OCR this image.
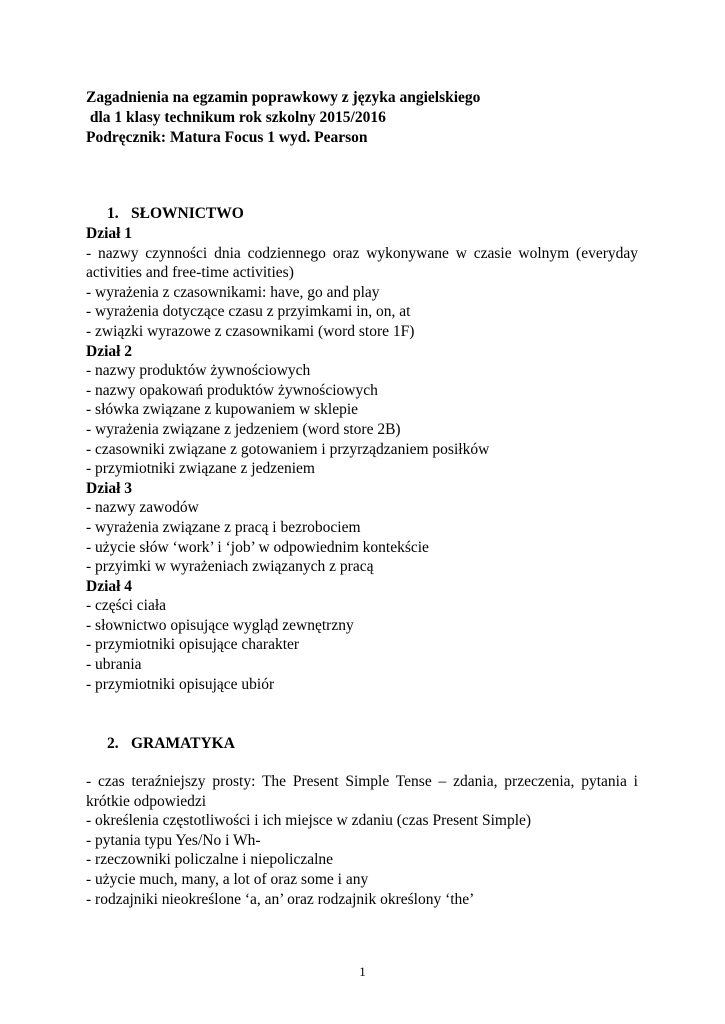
Zagadnienia na egzamin poprawkowy z języka angielskiego
dla 1 klasy technikum rok szkolny 2015/2016
Podręcznik: Matura Focus 1 wyd. Pearson
1. SŁOWNICTWO
Dział 1
- nazwy czynności dnia codziennego oraz wykonywane w czasie wolnym (everyday activities and free-time activities)
- wyrażenia z czasownikami: have, go and play
- wyrażenia dotyczące czasu z przyimkami in, on, at
- związki wyrazowe z czasownikami (word store 1F)
Dział 2
- nazwy produktów żywnościowych
- nazwy opakowań produktów żywnościowych
- słówka związane z kupowaniem w sklepie
- wyrażenia związane z jedzeniem (word store 2B)
- czasowniki związane z gotowaniem i przyrządzaniem posiłków
- przymiotniki związane z jedzeniem
Dział 3
- nazwy zawodów
- wyrażenia związane z pracą i bezrobociem
- użycie słów ‘work’ i ‘job’ w odpowiednim kontekście
- przyimki w wyrażeniach związanych z pracą
Dział 4
- części ciała
- słownictwo opisujące wygląd zewnętrzny
- przymiotniki opisujące charakter
- ubrania
- przymiotniki opisujące ubiór
2. GRAMATYKA
- czas teraźniejszy prosty: The Present Simple Tense – zdania, przeczenia, pytania i krótkie odpowiedzi
- określenia częstotliwości i ich miejsce w zdaniu (czas Present Simple)
- pytania typu Yes/No i Wh-
- rzeczowniki policzalne i niepoliczalne
- użycie much, many, a lot of oraz some i any
- rodzajniki nieokreślone ‘a, an’ oraz rodzajnik określony ‘the’
1
